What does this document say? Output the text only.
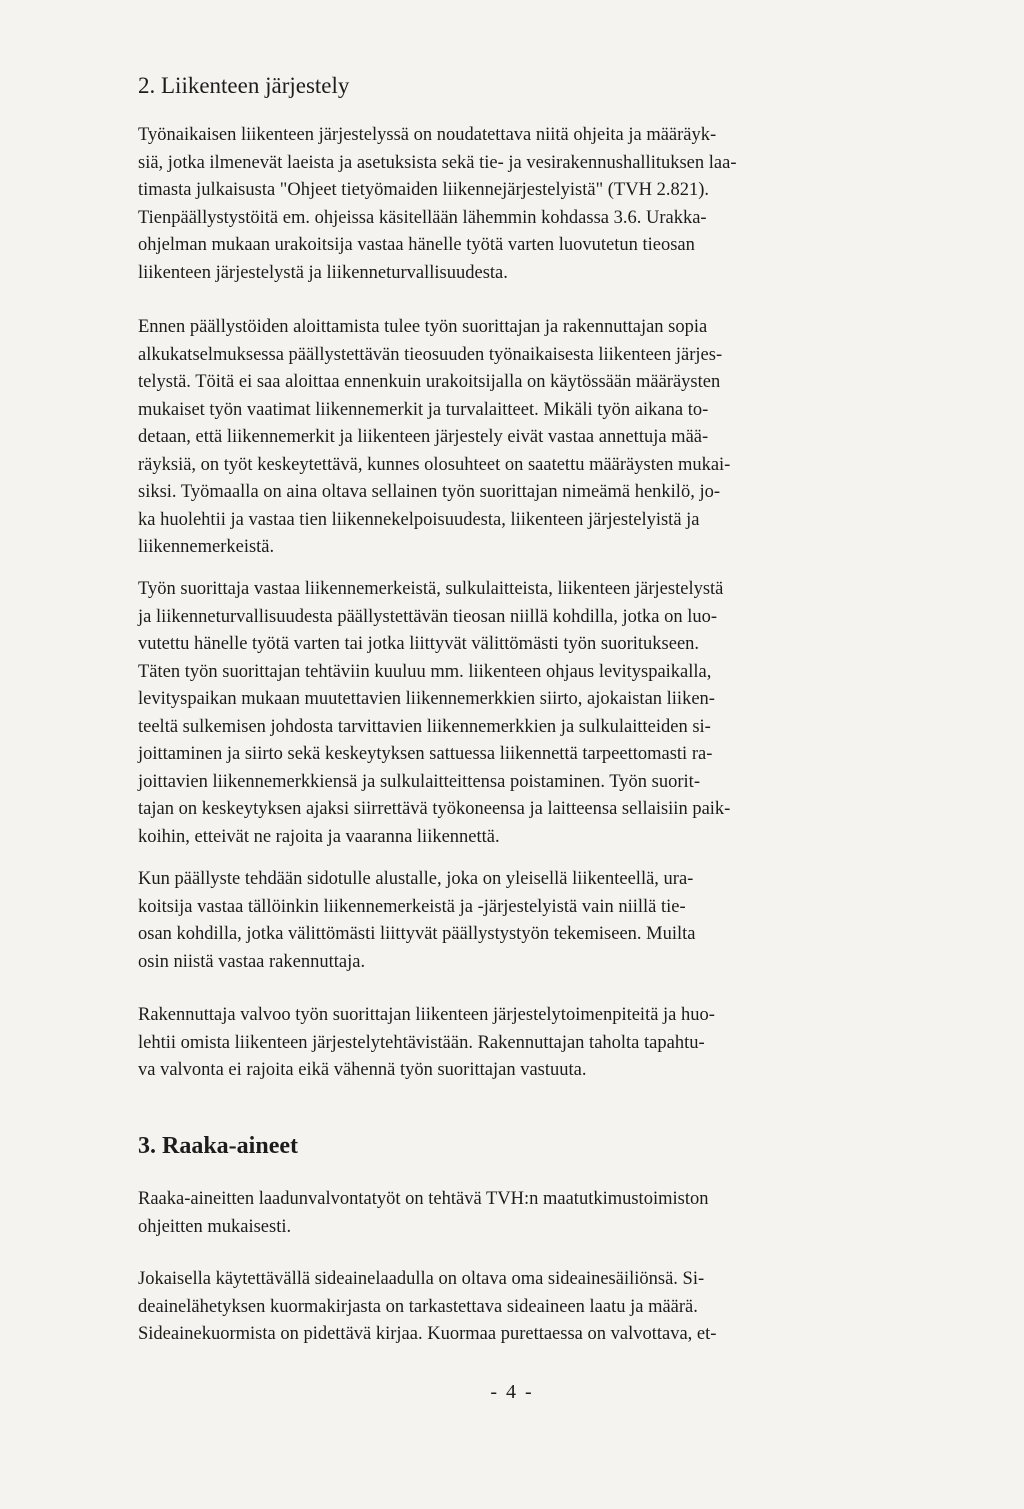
2. Liikenteen järjestely

Työnaikaisen liikenteen järjestelyssä on noudatettava niitä ohjeita ja määräyk-
siä, jotka ilmenevät laeista ja asetuksista sekä tie- ja vesirakennushallituksen laa-
timasta julkaisusta "Ohjeet tietyömaiden liikennejärjestelyistä" (TVH 2.821).
Tienpäällystystöitä em. ohjeissa käsitellään lähemmin kohdassa 3.6. Urakka-
ohjelman mukaan urakoitsija vastaa hänelle työtä varten luovutetun tieosan
liikenteen järjestelystä ja liikenneturvallisuudesta.

Ennen päällystöiden aloittamista tulee työn suorittajan ja rakennuttajan sopia
alkukatselmuksessa päällystettävän tieosuuden työnaikaisesta liikenteen järjes-
telystä. Töitä ei saa aloittaa ennenkuin urakoitsijalla on käytössään määräysten
mukaiset työn vaatimat liikennemerkit ja turvalaitteet. Mikäli työn aikana to-
detaan, että liikennemerkit ja liikenteen järjestely eivät vastaa annettuja mää-
räyksiä, on työt keskeytettävä, kunnes olosuhteet on saatettu määräysten mukai-
siksi. Työmaalla on aina oltava sellainen työn suorittajan nimeämä henkilö, jo-
ka huolehtii ja vastaa tien liikennekelpoisuudesta, liikenteen järjestelyistä ja
liikennemerkeistä.

Työn suorittaja vastaa liikennemerkeistä, sulkulaitteista, liikenteen järjestelystä
ja liikenneturvallisuudesta päällystettävän tieosan niillä kohdilla, jotka on luo-
vutettu hänelle työtä varten tai jotka liittyvät välittömästi työn suoritukseen.
Täten työn suorittajan tehtäviin kuuluu mm. liikenteen ohjaus levityspaikalla,
levityspaikan mukaan muutettavien liikennemerkkien siirto, ajokaistan liiken-
teeltä sulkemisen johdosta tarvittavien liikennemerkkien ja sulkulaitteiden si-
joittaminen ja siirto sekä keskeytyksen sattuessa liikennettä tarpeettomasti ra-
joittavien liikennemerkkiensä ja sulkulaitteittensa poistaminen. Työn suorit-
tajan on keskeytyksen ajaksi siirrettävä työkoneensa ja laitteensa sellaisiin paik-
koihin, etteivät ne rajoita ja vaaranna liikennettä.

Kun päällyste tehdään sidotulle alustalle, joka on yleisellä liikenteellä, ura-
koitsija vastaa tällöinkin liikennemerkeistä ja -järjestelyistä vain niillä tie-
osan kohdilla, jotka välittömästi liittyvät päällystystyön tekemiseen. Muilta
osin niistä vastaa rakennuttaja.

Rakennuttaja valvoo työn suorittajan liikenteen järjestelytoimenpiteitä ja huo-
lehtii omista liikenteen järjestelytehtävistään. Rakennuttajan taholta tapahtu-
va valvonta ei rajoita eikä vähennä työn suorittajan vastuuta.

3. Raaka-aineet

Raaka-aineitten laadunvalvontatyöt on tehtävä TVH:n maatutkimustoimiston
ohjeitten mukaisesti.

Jokaisella käytettävällä sideainelaadulla on oltava oma sideainesäiliönsä. Si-
deainelähetyksen kuormakirjasta on tarkastettava sideaineen laatu ja määrä.
Sideainekuormista on pidettävä kirjaa. Kuormaa purettaessa on valvottava, et-

- 4 -
